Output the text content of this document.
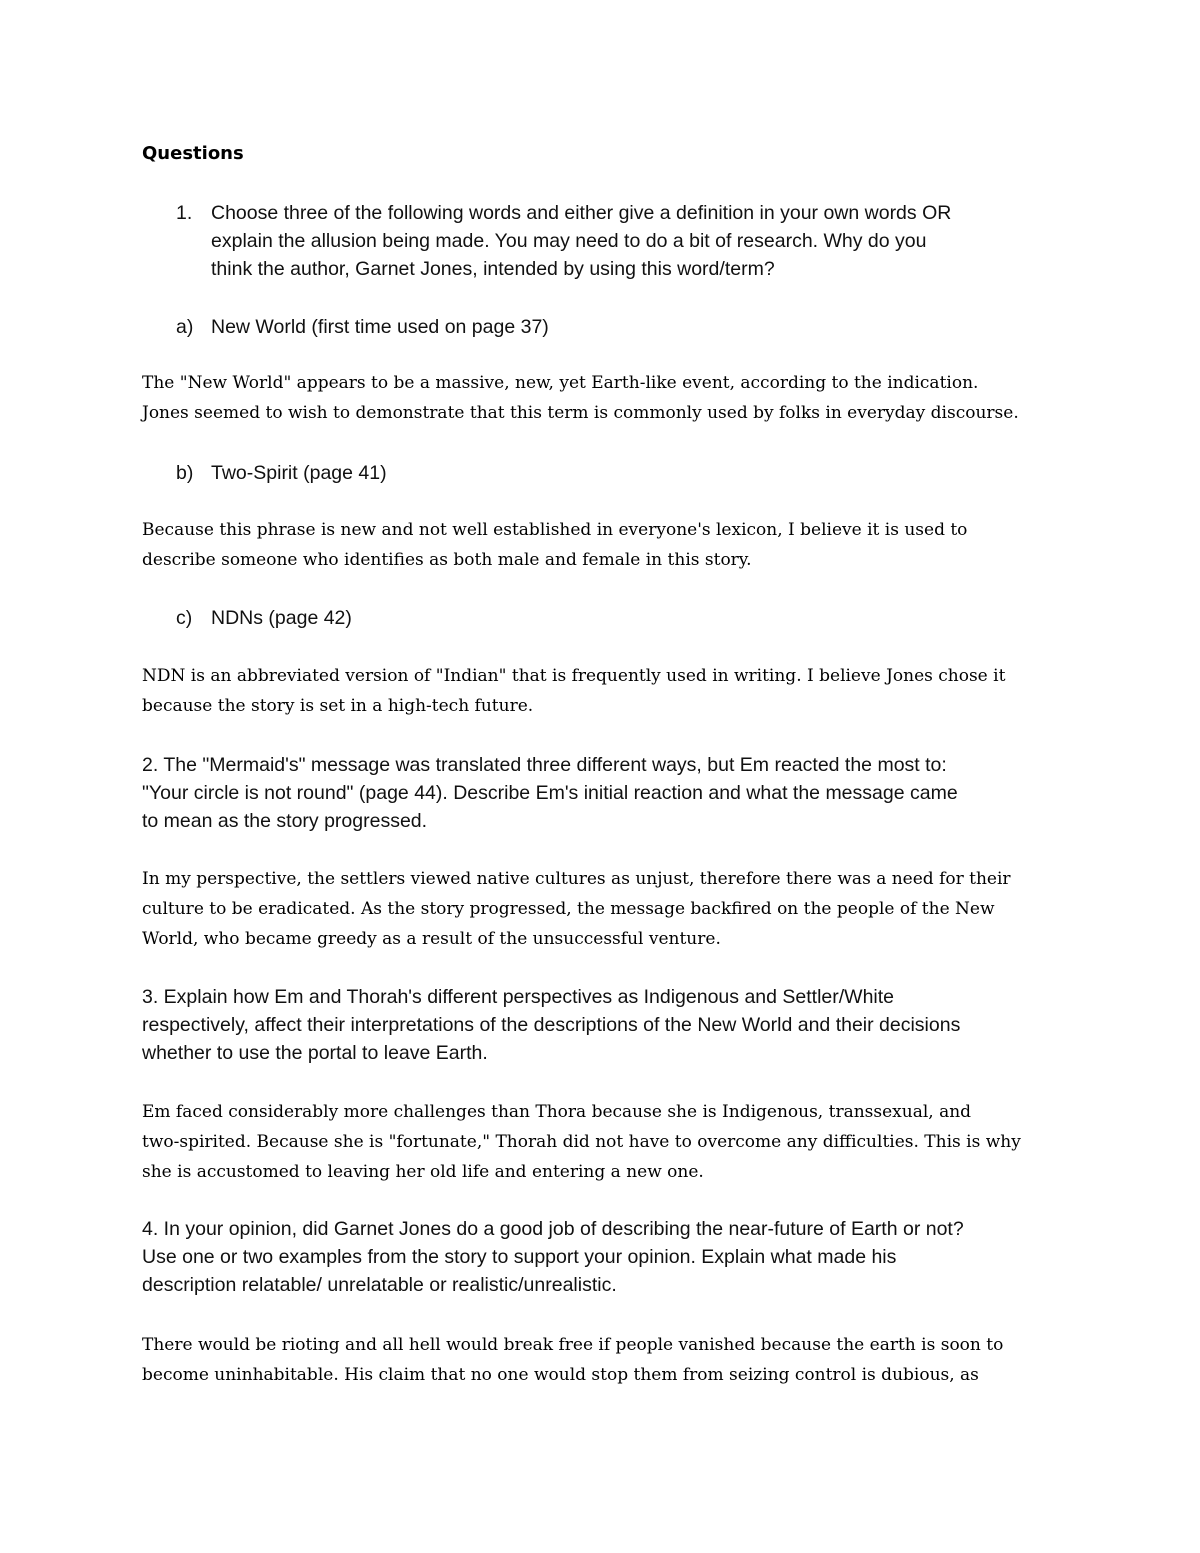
Questions
1. Choose three of the following words and either give a definition in your own words OR
explain the allusion being made. You may need to do a bit of research. Why do you
think the author, Garnet Jones, intended by using this word/term?
a) New World (first time used on page 37)
The "New World" appears to be a massive, new, yet Earth-like event, according to the indication.
Jones seemed to wish to demonstrate that this term is commonly used by folks in everyday discourse.
b) Two-Spirit (page 41)
Because this phrase is new and not well established in everyone's lexicon, I believe it is used to
describe someone who identifies as both male and female in this story.
c) NDNs (page 42)
NDN is an abbreviated version of "Indian" that is frequently used in writing. I believe Jones chose it
because the story is set in a high-tech future.
2. The "Mermaid's" message was translated three different ways, but Em reacted the most to:
"Your circle is not round" (page 44). Describe Em's initial reaction and what the message came
to mean as the story progressed.
In my perspective, the settlers viewed native cultures as unjust, therefore there was a need for their
culture to be eradicated. As the story progressed, the message backfired on the people of the New
World, who became greedy as a result of the unsuccessful venture.
3. Explain how Em and Thorah's different perspectives as Indigenous and Settler/White
respectively, affect their interpretations of the descriptions of the New World and their decisions
whether to use the portal to leave Earth.
Em faced considerably more challenges than Thora because she is Indigenous, transsexual, and
two-spirited. Because she is "fortunate," Thorah did not have to overcome any difficulties. This is why
she is accustomed to leaving her old life and entering a new one.
4. In your opinion, did Garnet Jones do a good job of describing the near-future of Earth or not?
Use one or two examples from the story to support your opinion. Explain what made his
description relatable/ unrelatable or realistic/unrealistic.
There would be rioting and all hell would break free if people vanished because the earth is soon to
become uninhabitable. His claim that no one would stop them from seizing control is dubious, as
